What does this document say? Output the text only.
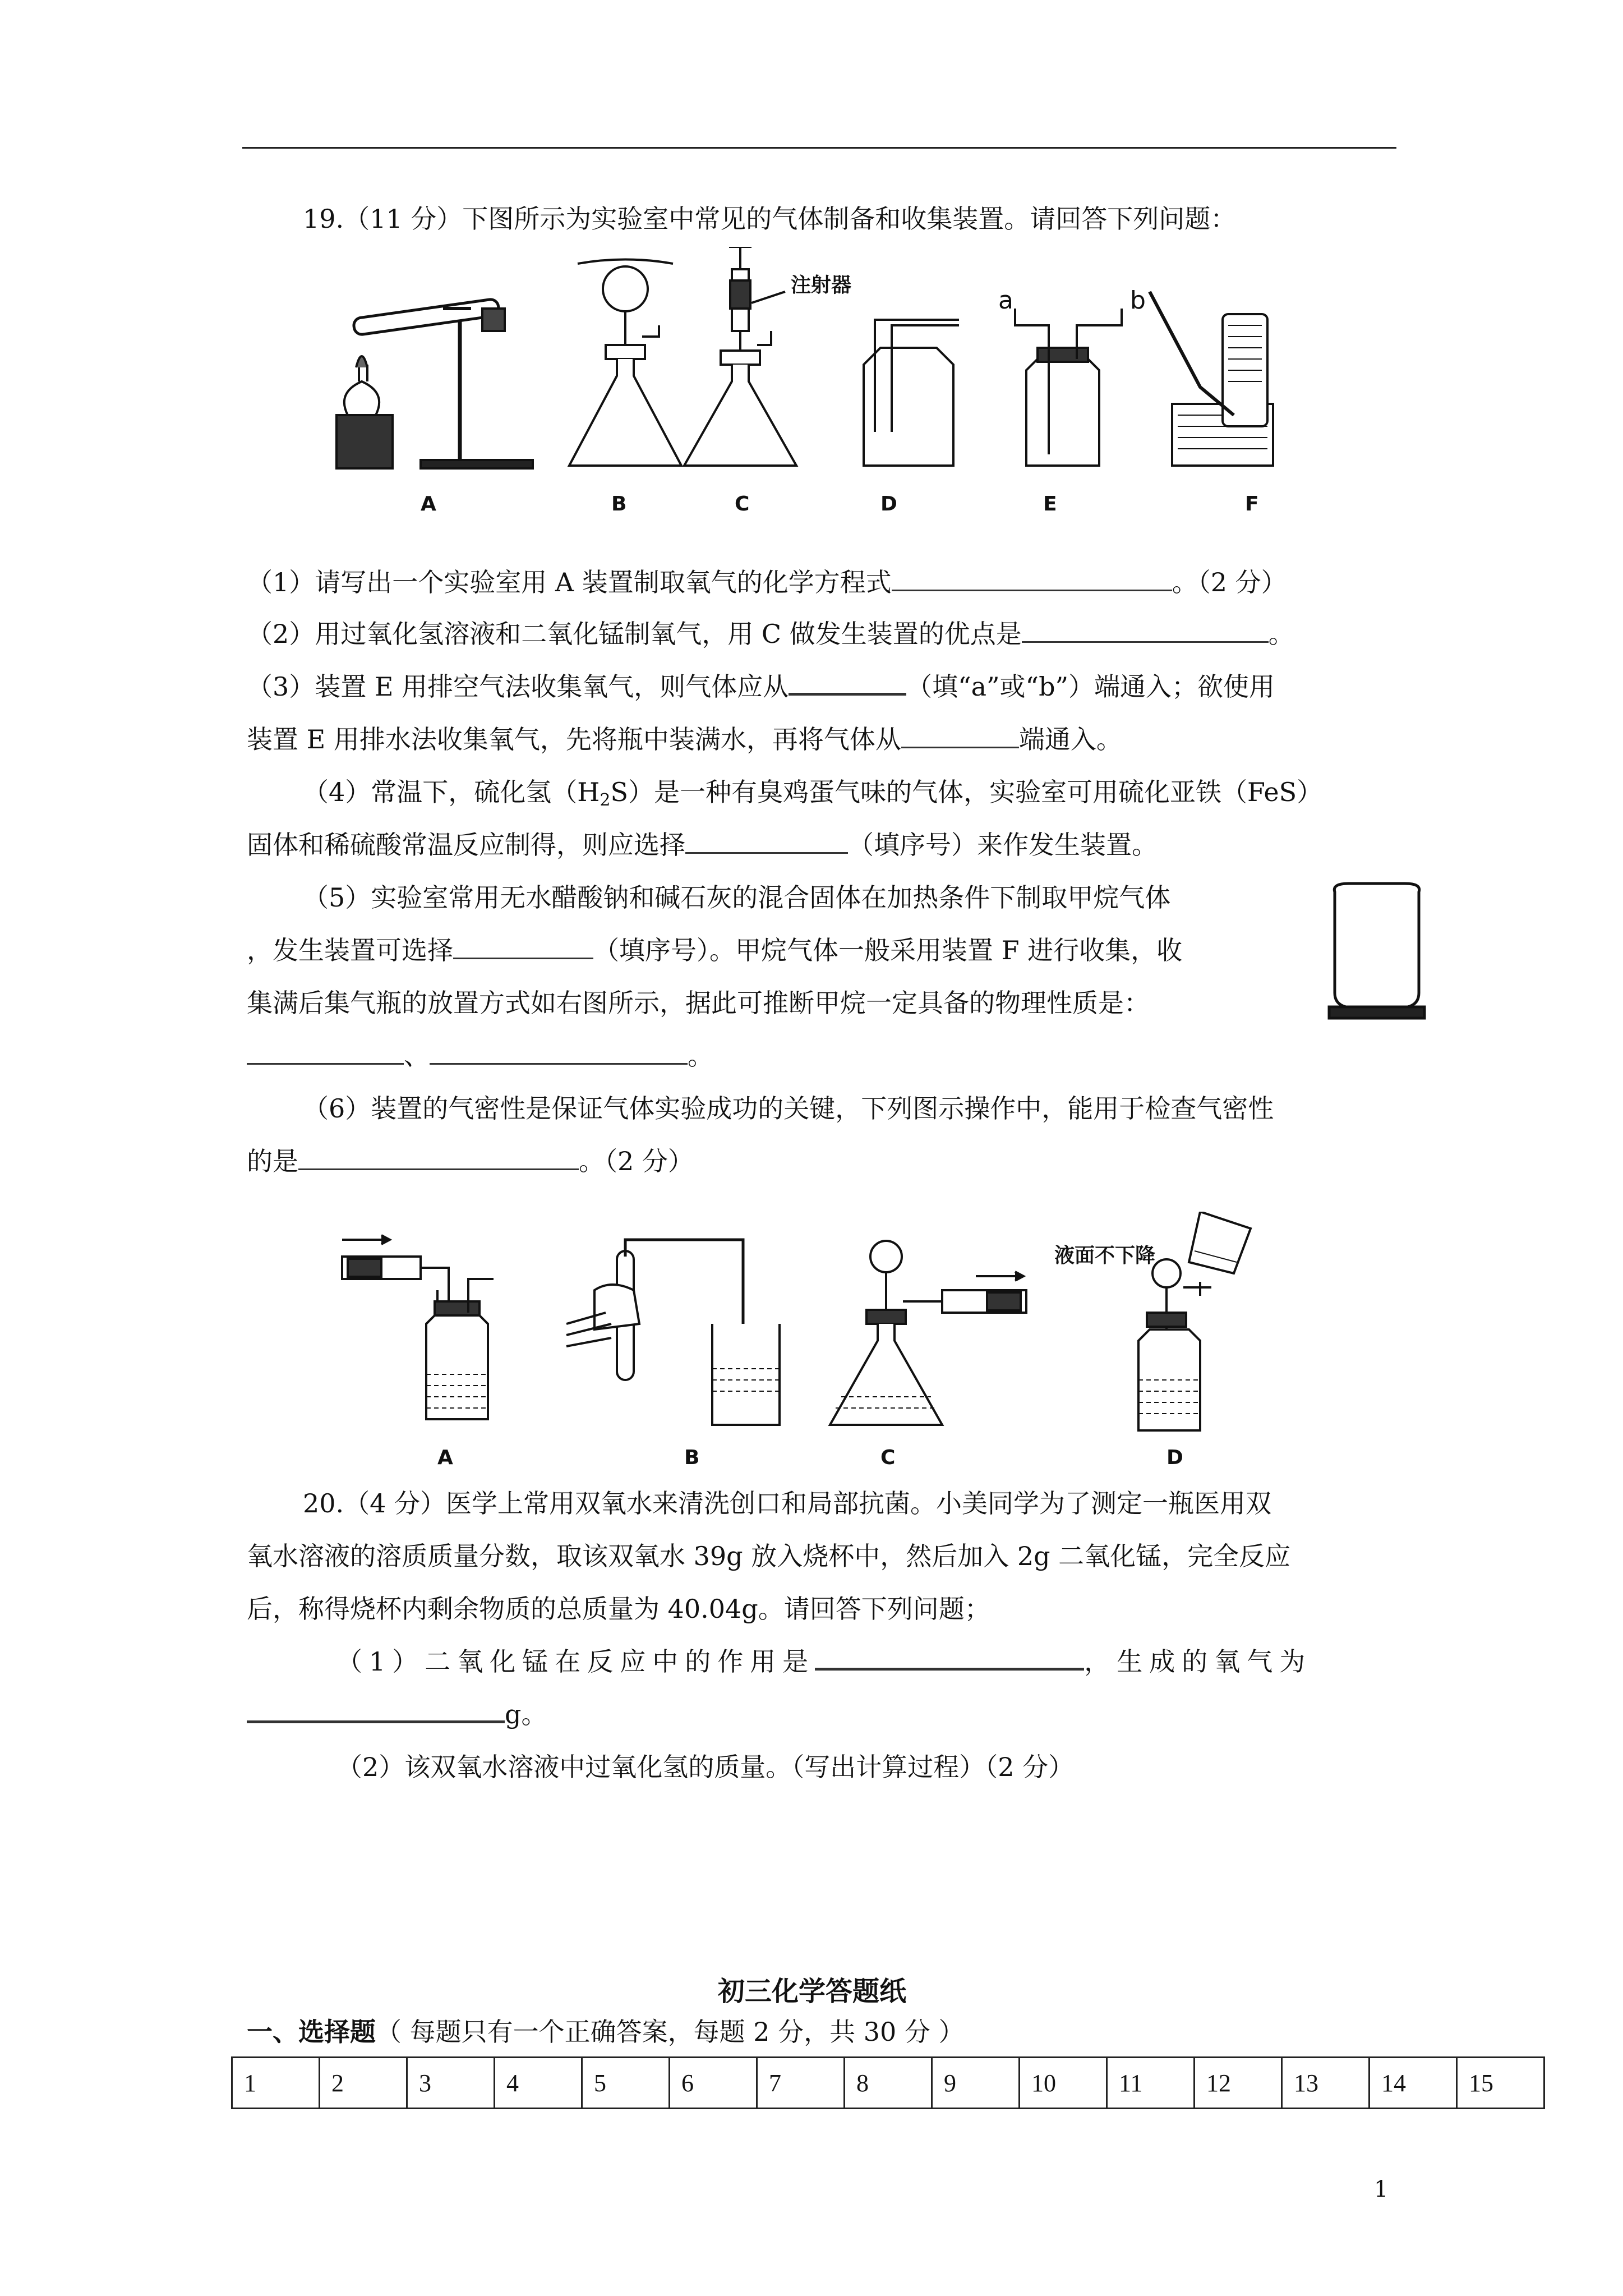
19.（11 分）下图所示为实验室中常见的气体制备和收集装置。请回答下列问题：
注射器
a	b
A	B	C	D	E	F
（1）请写出一个实验室用 A 装置制取氧气的化学方程式	。（2 分）
（2）用过氧化氢溶液和二氧化锰制氧气，用 C 做发生装置的优点是	。
（3）装置 E 用排空气法收集氧气，则气体应从	（填“a”或“b”）端通入；欲使用
装置 E 用排水法收集氧气，先将瓶中装满水，再将气体从	端通入。
（4）常温下，硫化氢$(H_2S)$是一种有臭鸡蛋气味的气体，实验室可用硫化亚铁（FeS）
固体和稀硫酸常温反应制得，则应选择	（填序号）来作发生装置。
（5）实验室常用无水醋酸钠和碱石灰的混合固体在加热条件下制取甲烷气体
，发生装置可选择	（填序号）。甲烷气体一般采用装置 F 进行收集，收
集满后集气瓶的放置方式如右图所示，据此可推断甲烷一定具备的物理性质是：
、	。
（6）装置的气密性是保证气体实验成功的关键，下列图示操作中，能用于检查气密性
的是	。（2 分）
液面不下降
A	B	C	D
20.（4 分）医学上常用双氧水来清洗创口和局部抗菌。小美同学为了测定一瓶医用双
氧水溶液的溶质质量分数，取该双氧水 39g 放入烧杯中，然后加入 2g 二氧化锰，完全反应
后，称得烧杯内剩余物质的总质量为 40.04g。请回答下列问题；
（1）二氧化锰在反应中的作用是	，生成的氧气为
g。
（2）该双氧水溶液中过氧化氢的质量。（写出计算过程）（2 分）
初三化学答题纸
一、选择题（ 每题只有一个正确答案，每题 2 分，共 30 分 ）
1	2	3	4	5	6	7	8	9	10	11	12	13	14	15
1
